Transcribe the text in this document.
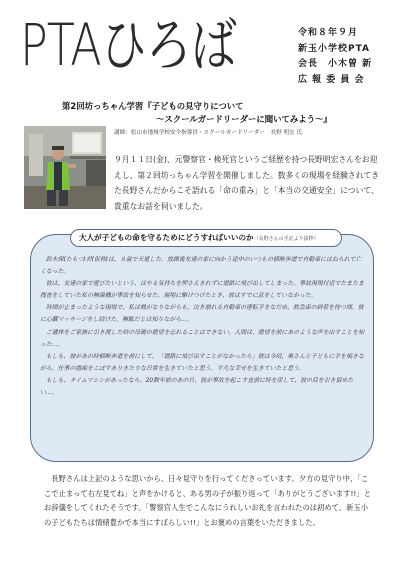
PTAひろば	令和８年９月
新玉小学校PTA
会長　小木曽 新
広 報 委 員 会
第2回坊っちゃん学習『子どもの見守りについて
～スクールガードリーダーに聞いてみよう～』
講師：松山市地域学校安全指導員・スクールガードリーダー　長野 明宏 氏
９月１１日(金)、元警察官・検死官というご経歴を持つ長野明宏さんをお迎えし、第２回坊っちゃん学習を開催しました。数多くの現場を経験されてきた長野さんだからこそ語れる「命の重み」と「本当の交通安全」について、貴重なお話を伺いました。
大人が子どもの命を守るためにどうすればいいのか（長野さんの手記より抜粋）

鈴木保(たもつ)君(仮称)は、８歳で天逝した。放課後友達の家に向かう途中のいつもの横断歩道で自動車にはねられて亡くなった。

彼は、友達の家で遊びたいという、はやる気持ちを押さえきれずに道路に飛び出してしまった。事故現場付近でたまたま捜査をしていた私の無線機が事故を知らせた。現場に駆けつけたとき、彼はすでに息をしていなかった。

時間が止まったような現場で、私は喉がなりながらも、泣き崩れる自動車の運転手をなだめ、救急車の到着を待つ間、彼に心臓マッサージをし続けた。無駄だとは知りながら…。

ご遺体をご家族に引き渡した時の母親の絶望を忘れることはできない。人間は、絶望を前にあのような声を出すことを知った…。

もしも、彼があの時横断歩道を前にして、「道路に飛び出すことがなかったら」彼は今頃、奥さんと子どもに手を焼きながら、仕事の愚痴をこぼすありきたりな日常を生きていたと思う。平凡な幸せを生きていたと思う。

もしも、タイムマシンがあったなら、20数年前のあの日、彼が事故を起こす直前に時を戻して、彼の肩を引き留めたい…。

長野さんは上記のような思いから、日々見守りを行ってくださっています。夕方の見守り中、「ここで止まって右左見てね」と声をかけると、ある男の子が振り返って「ありがとうございます!!」とお辞儀をしてくれたそうです。「警察官人生でこんなにうれしいお礼を言われたのは初めて。新玉小の子どもたちは情緒豊かで本当にすばらしい!!」とお褒めの言葉をいただきました。
